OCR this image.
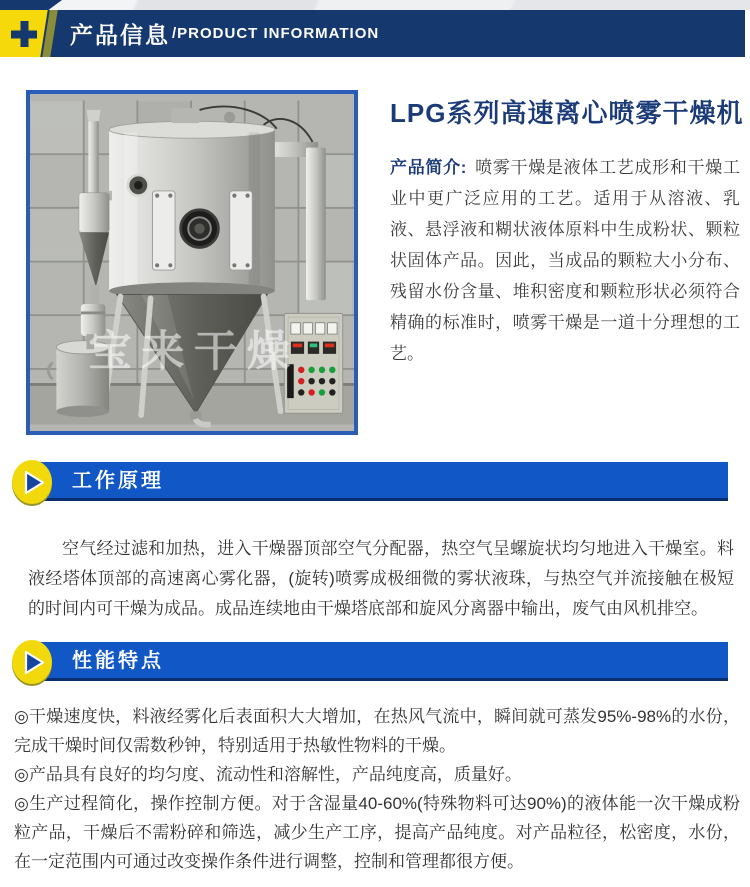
产品信息 /PRODUCT INFORMATION
宝来干燥
LPG系列高速离心喷雾干燥机

产品简介: 喷雾干燥是液体工艺成形和干燥工业中更广泛应用的工艺。适用于从溶液、乳液、悬浮液和糊状液体原料中生成粉状、颗粒状固体产品。因此，当成品的颗粒大小分布、残留水份含量、堆积密度和颗粒形状必须符合精确的标准时，喷雾干燥是一道十分理想的工艺。

工作原理

空气经过滤和加热，进入干燥器顶部空气分配器，热空气呈螺旋状均匀地进入干燥室。料液经塔体顶部的高速离心雾化器，(旋转)喷雾成极细微的雾状液珠，与热空气并流接触在极短的时间内可干燥为成品。成品连续地由干燥塔底部和旋风分离器中输出，废气由风机排空。

性能特点

◎干燥速度快，料液经雾化后表面积大大增加，在热风气流中，瞬间就可蒸发95%-98%的水份，完成干燥时间仅需数秒钟，特别适用于热敏性物料的干燥。

◎产品具有良好的均匀度、流动性和溶解性，产品纯度高，质量好。

◎生产过程简化，操作控制方便。对于含湿量40-60%(特殊物料可达90%)的液体能一次干燥成粉粒产品，干燥后不需粉碎和筛选，减少生产工序，提高产品纯度。对产品粒径，松密度，水份，在一定范围内可通过改变操作条件进行调整，控制和管理都很方便。
